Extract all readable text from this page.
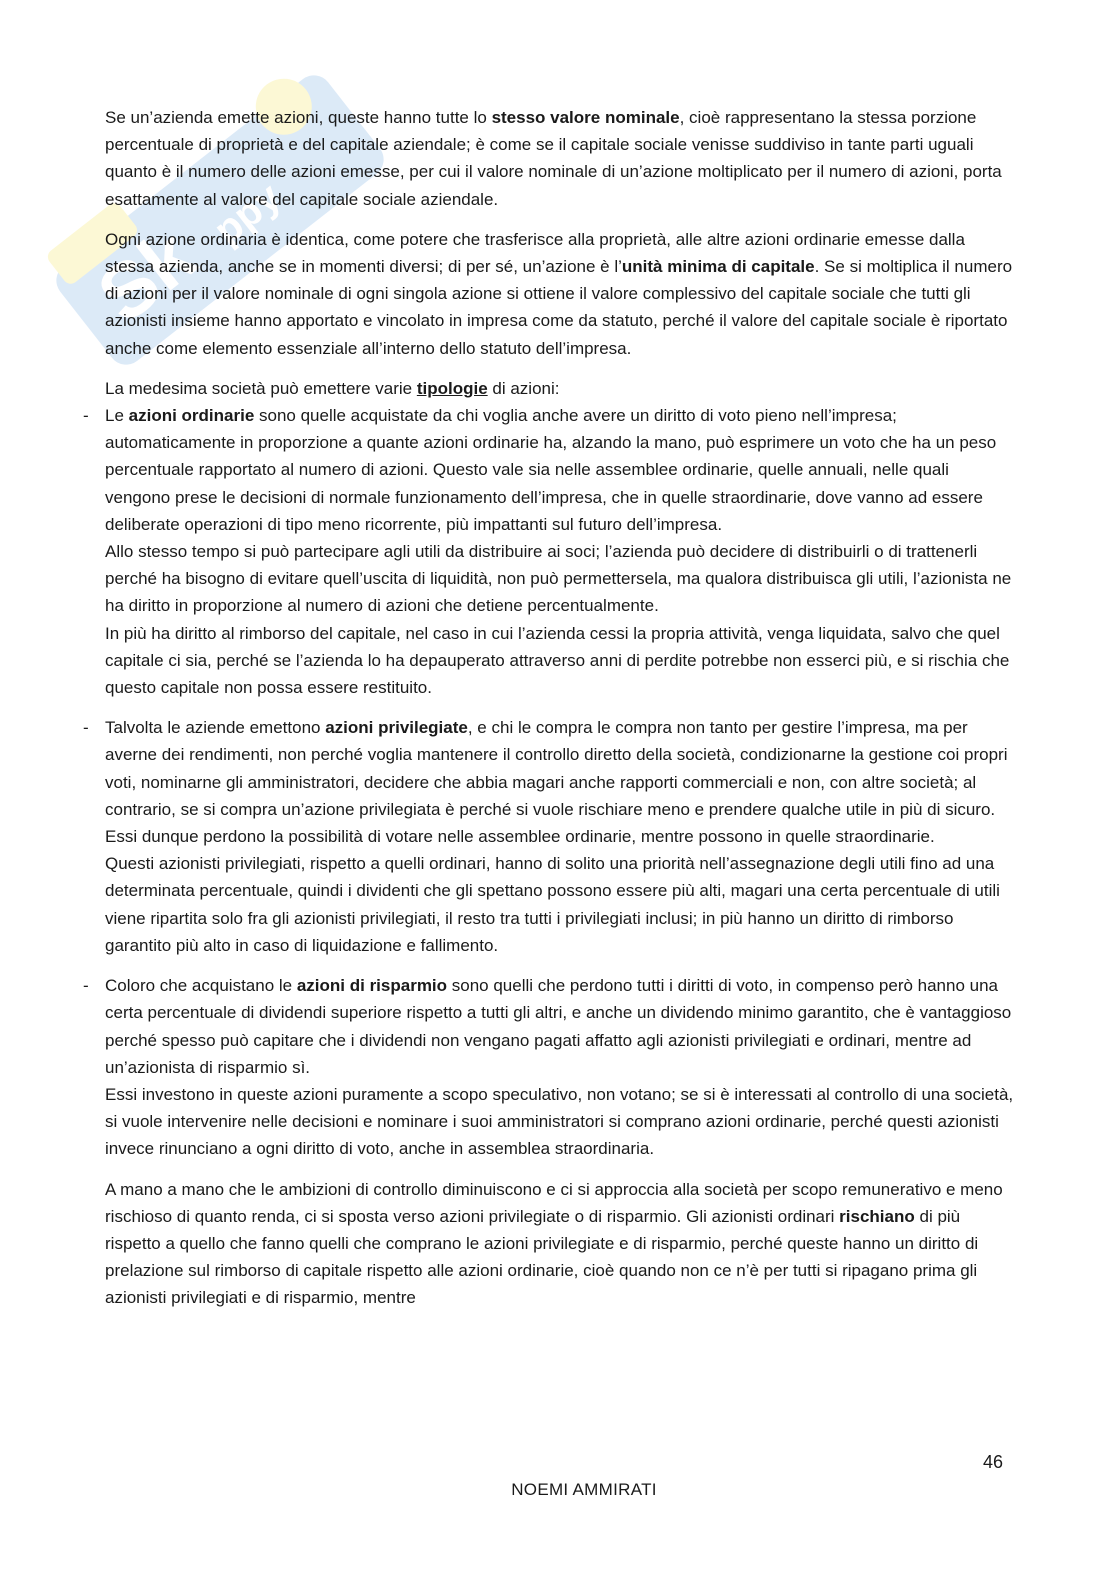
Sk
ppy

Se un’azienda emette azioni, queste hanno tutte lo stesso valore nominale, cioè rappresentano la stessa porzione percentuale di proprietà e del capitale aziendale; è come se il capitale sociale venisse suddiviso in tante parti uguali quanto è il numero delle azioni emesse, per cui il valore nominale di un’azione moltiplicato per il numero di azioni, porta esattamente al valore del capitale sociale aziendale.

Ogni azione ordinaria è identica, come potere che trasferisce alla proprietà, alle altre azioni ordinarie emesse dalla stessa azienda, anche se in momenti diversi; di per sé, un’azione è l’unità minima di capitale. Se si moltiplica il numero di azioni per il valore nominale di ogni singola azione si ottiene il valore complessivo del capitale sociale che tutti gli azionisti insieme hanno apportato e vincolato in impresa come da statuto, perché il valore del capitale sociale è riportato anche come elemento essenziale all’interno dello statuto dell’impresa.

La medesima società può emettere varie tipologie di azioni:

- Le azioni ordinarie sono quelle acquistate da chi voglia anche avere un diritto di voto pieno nell’impresa; automaticamente in proporzione a quante azioni ordinarie ha, alzando la mano, può esprimere un voto che ha un peso percentuale rapportato al numero di azioni. Questo vale sia nelle assemblee ordinarie, quelle annuali, nelle quali vengono prese le decisioni di normale funzionamento dell’impresa, che in quelle straordinarie, dove vanno ad essere deliberate operazioni di tipo meno ricorrente, più impattanti sul futuro dell’impresa.

Allo stesso tempo si può partecipare agli utili da distribuire ai soci; l’azienda può decidere di distribuirli o di trattenerli perché ha bisogno di evitare quell’uscita di liquidità, non può permettersela, ma qualora distribuisca gli utili, l’azionista ne ha diritto in proporzione al numero di azioni che detiene percentualmente.

In più ha diritto al rimborso del capitale, nel caso in cui l’azienda cessi la propria attività, venga liquidata, salvo che quel capitale ci sia, perché se l’azienda lo ha depauperato attraverso anni di perdite potrebbe non esserci più, e si rischia che questo capitale non possa essere restituito.

- Talvolta le aziende emettono azioni privilegiate, e chi le compra le compra non tanto per gestire l’impresa, ma per averne dei rendimenti, non perché voglia mantenere il controllo diretto della società, condizionarne la gestione coi propri voti, nominarne gli amministratori, decidere che abbia magari anche rapporti commerciali e non, con altre società; al contrario, se si compra un’azione privilegiata è perché si vuole rischiare meno e prendere qualche utile in più di sicuro. Essi dunque perdono la possibilità di votare nelle assemblee ordinarie, mentre possono in quelle straordinarie.

Questi azionisti privilegiati, rispetto a quelli ordinari, hanno di solito una priorità nell’assegnazione degli utili fino ad una determinata percentuale, quindi i dividenti che gli spettano possono essere più alti, magari una certa percentuale di utili viene ripartita solo fra gli azionisti privilegiati, il resto tra tutti i privilegiati inclusi; in più hanno un diritto di rimborso garantito più alto in caso di liquidazione e fallimento.

- Coloro che acquistano le azioni di risparmio sono quelli che perdono tutti i diritti di voto, in compenso però hanno una certa percentuale di dividendi superiore rispetto a tutti gli altri, e anche un dividendo minimo garantito, che è vantaggioso perché spesso può capitare che i dividendi non vengano pagati affatto agli azionisti privilegiati e ordinari, mentre ad un’azionista di risparmio sì.

Essi investono in queste azioni puramente a scopo speculativo, non votano; se si è interessati al controllo di una società, si vuole intervenire nelle decisioni e nominare i suoi amministratori si comprano azioni ordinarie, perché questi azionisti invece rinunciano a ogni diritto di voto, anche in assemblea straordinaria.

A mano a mano che le ambizioni di controllo diminuiscono e ci si approccia alla società per scopo remunerativo e meno rischioso di quanto renda, ci si sposta verso azioni privilegiate o di risparmio. Gli azionisti ordinari rischiano di più rispetto a quello che fanno quelli che comprano le azioni privilegiate e di risparmio, perché queste hanno un diritto di prelazione sul rimborso di capitale rispetto alle azioni ordinarie, cioè quando non ce n’è per tutti si ripagano prima gli azionisti privilegiati e di risparmio, mentre

46
NOEMI AMMIRATI
